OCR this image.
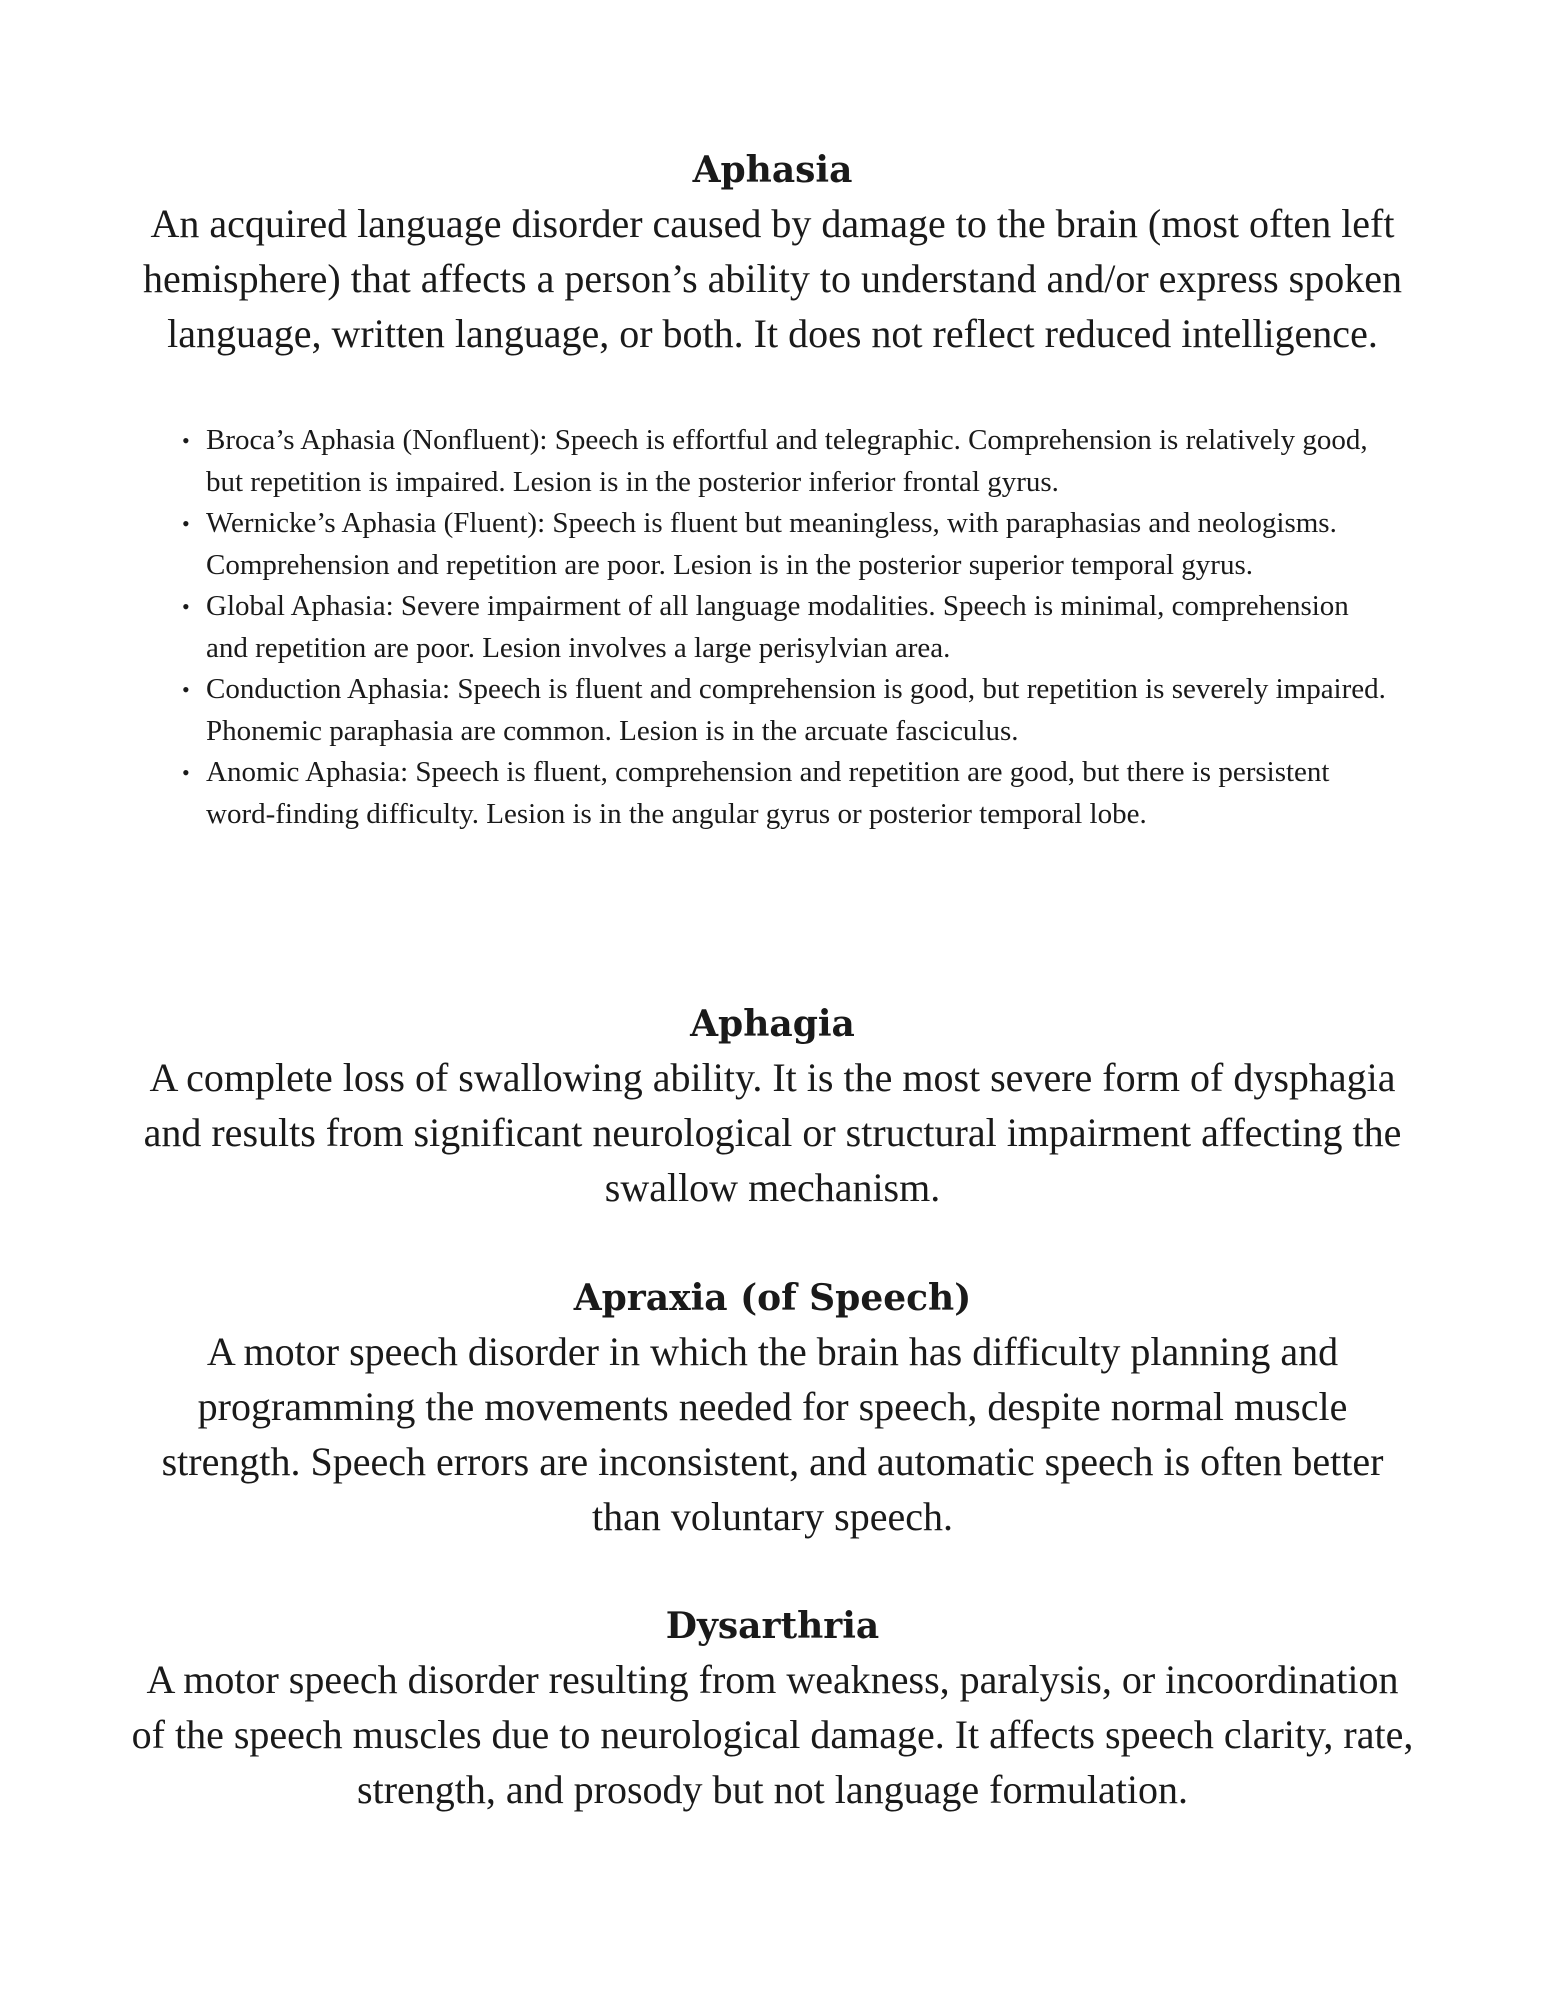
Aphasia

An acquired language disorder caused by damage to the brain (most often left hemisphere) that affects a person’s ability to understand and/or express spoken language, written language, or both. It does not reflect reduced intelligence.

• Broca’s Aphasia (Nonfluent): Speech is effortful and telegraphic. Comprehension is relatively good, but repetition is impaired. Lesion is in the posterior inferior frontal gyrus.
• Wernicke’s Aphasia (Fluent): Speech is fluent but meaningless, with paraphasias and neologisms. Comprehension and repetition are poor. Lesion is in the posterior superior temporal gyrus.
• Global Aphasia: Severe impairment of all language modalities. Speech is minimal, comprehension and repetition are poor. Lesion involves a large perisylvian area.
• Conduction Aphasia: Speech is fluent and comprehension is good, but repetition is severely impaired. Phonemic paraphasia are common. Lesion is in the arcuate fasciculus.
• Anomic Aphasia: Speech is fluent, comprehension and repetition are good, but there is persistent word-finding difficulty. Lesion is in the angular gyrus or posterior temporal lobe.
Aphagia

A complete loss of swallowing ability. It is the most severe form of dysphagia and results from significant neurological or structural impairment affecting the swallow mechanism.

Apraxia (of Speech)

A motor speech disorder in which the brain has difficulty planning and programming the movements needed for speech, despite normal muscle strength. Speech errors are inconsistent, and automatic speech is often better than voluntary speech.

Dysarthria

A motor speech disorder resulting from weakness, paralysis, or incoordination of the speech muscles due to neurological damage. It affects speech clarity, rate, strength, and prosody but not language formulation.
